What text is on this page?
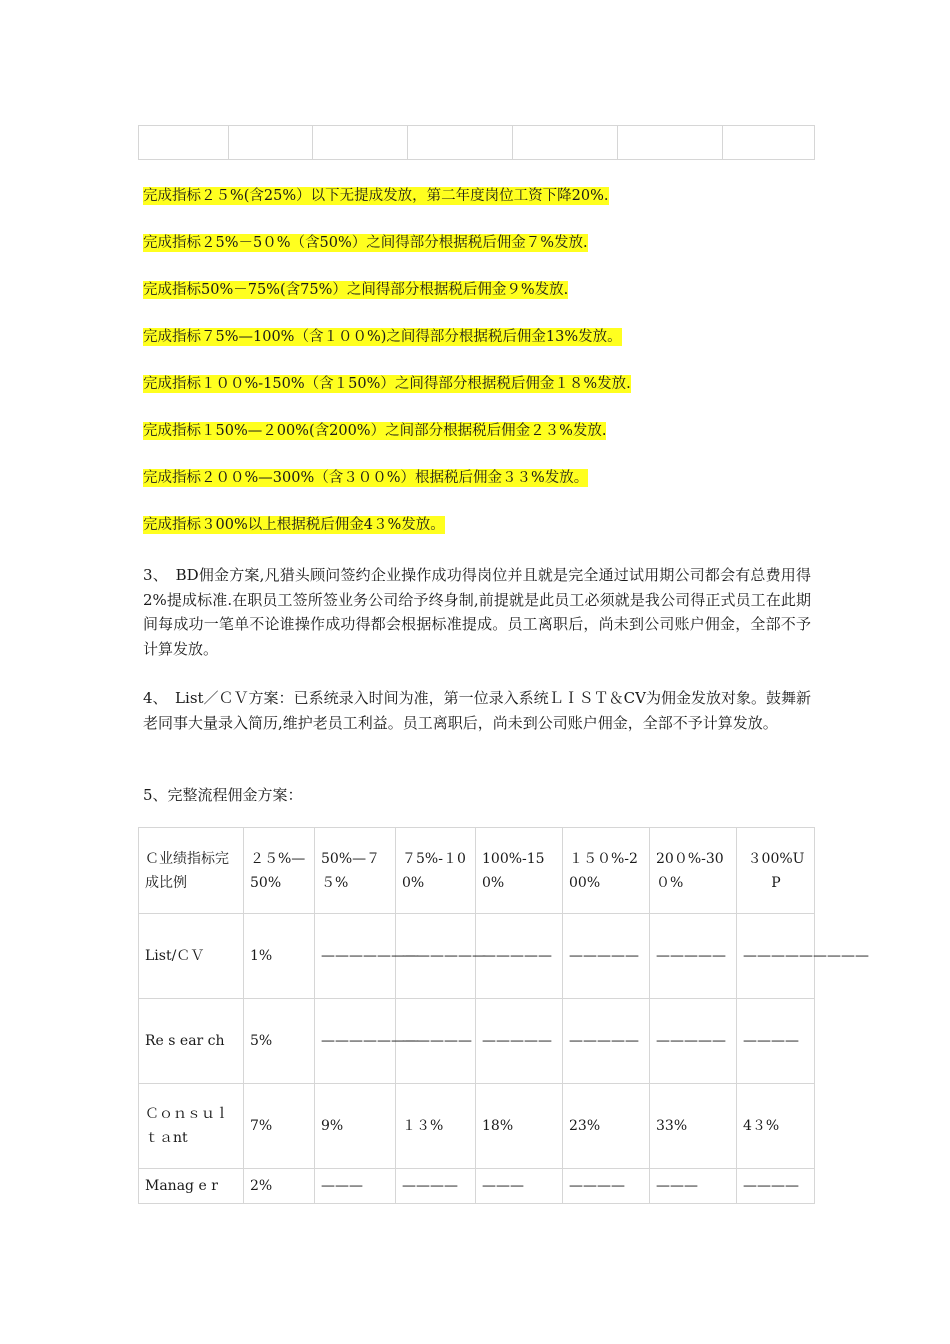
完成指标２５%(含25%）以下无提成发放，第二年度岗位工资下降20%.
完成指标２5%－5０%（含50%）之间得部分根据税后佣金７%发放.
完成指标50%－75%(含75%）之间得部分根据税后佣金９%发放.
完成指标７5%—100%（含１００%)之间得部分根据税后佣金13%发放。
完成指标１００%-150%（含１50%）之间得部分根据税后佣金１８%发放.
完成指标１50%—２00%(含200%）之间部分根据税后佣金２３%发放.
完成指标２００%—300%（含３００%）根据税后佣金３３%发放。
完成指标３00%以上根据税后佣金4３%发放。
3、　BD佣金方案,凡猎头顾问签约企业操作成功得岗位并且就是完全通过试用期公司都会有总费用得2%提成标准.在职员工签所签业务公司给予终身制,前提就是此员工必须就是我公司得正式员工在此期间每成功一笔单不论谁操作成功得都会根据标准提成。员工离职后，尚未到公司账户佣金，全部不予计算发放。
4、　List／ＣＶ方案：已系统录入时间为准，第一位录入系统ＬＩＳＴ＆CV为佣金发放对象。鼓舞新老同事大量录入简历,维护老员工利益。员工离职后，尚未到公司账户佣金，全部不予计算发放。
5、完整流程佣金方案：
Ｃ业绩指标完成比例	２５%—50%	50%—７５%	７5%-１00%	100%-150%	１５０%-200%	20０%-30０%	３00%UP
List/ＣＶ	1%	———————	——————	—————	—————	—————	—————————
Re s ear ch	5%	———————	—————	—————	—————	—————	————
Ｃｏｎｓｕｌｔａnt	7%	9%	１３%	18%	23%	33%	4３%
Manag e r	2%	———	————	———	————	———	————
